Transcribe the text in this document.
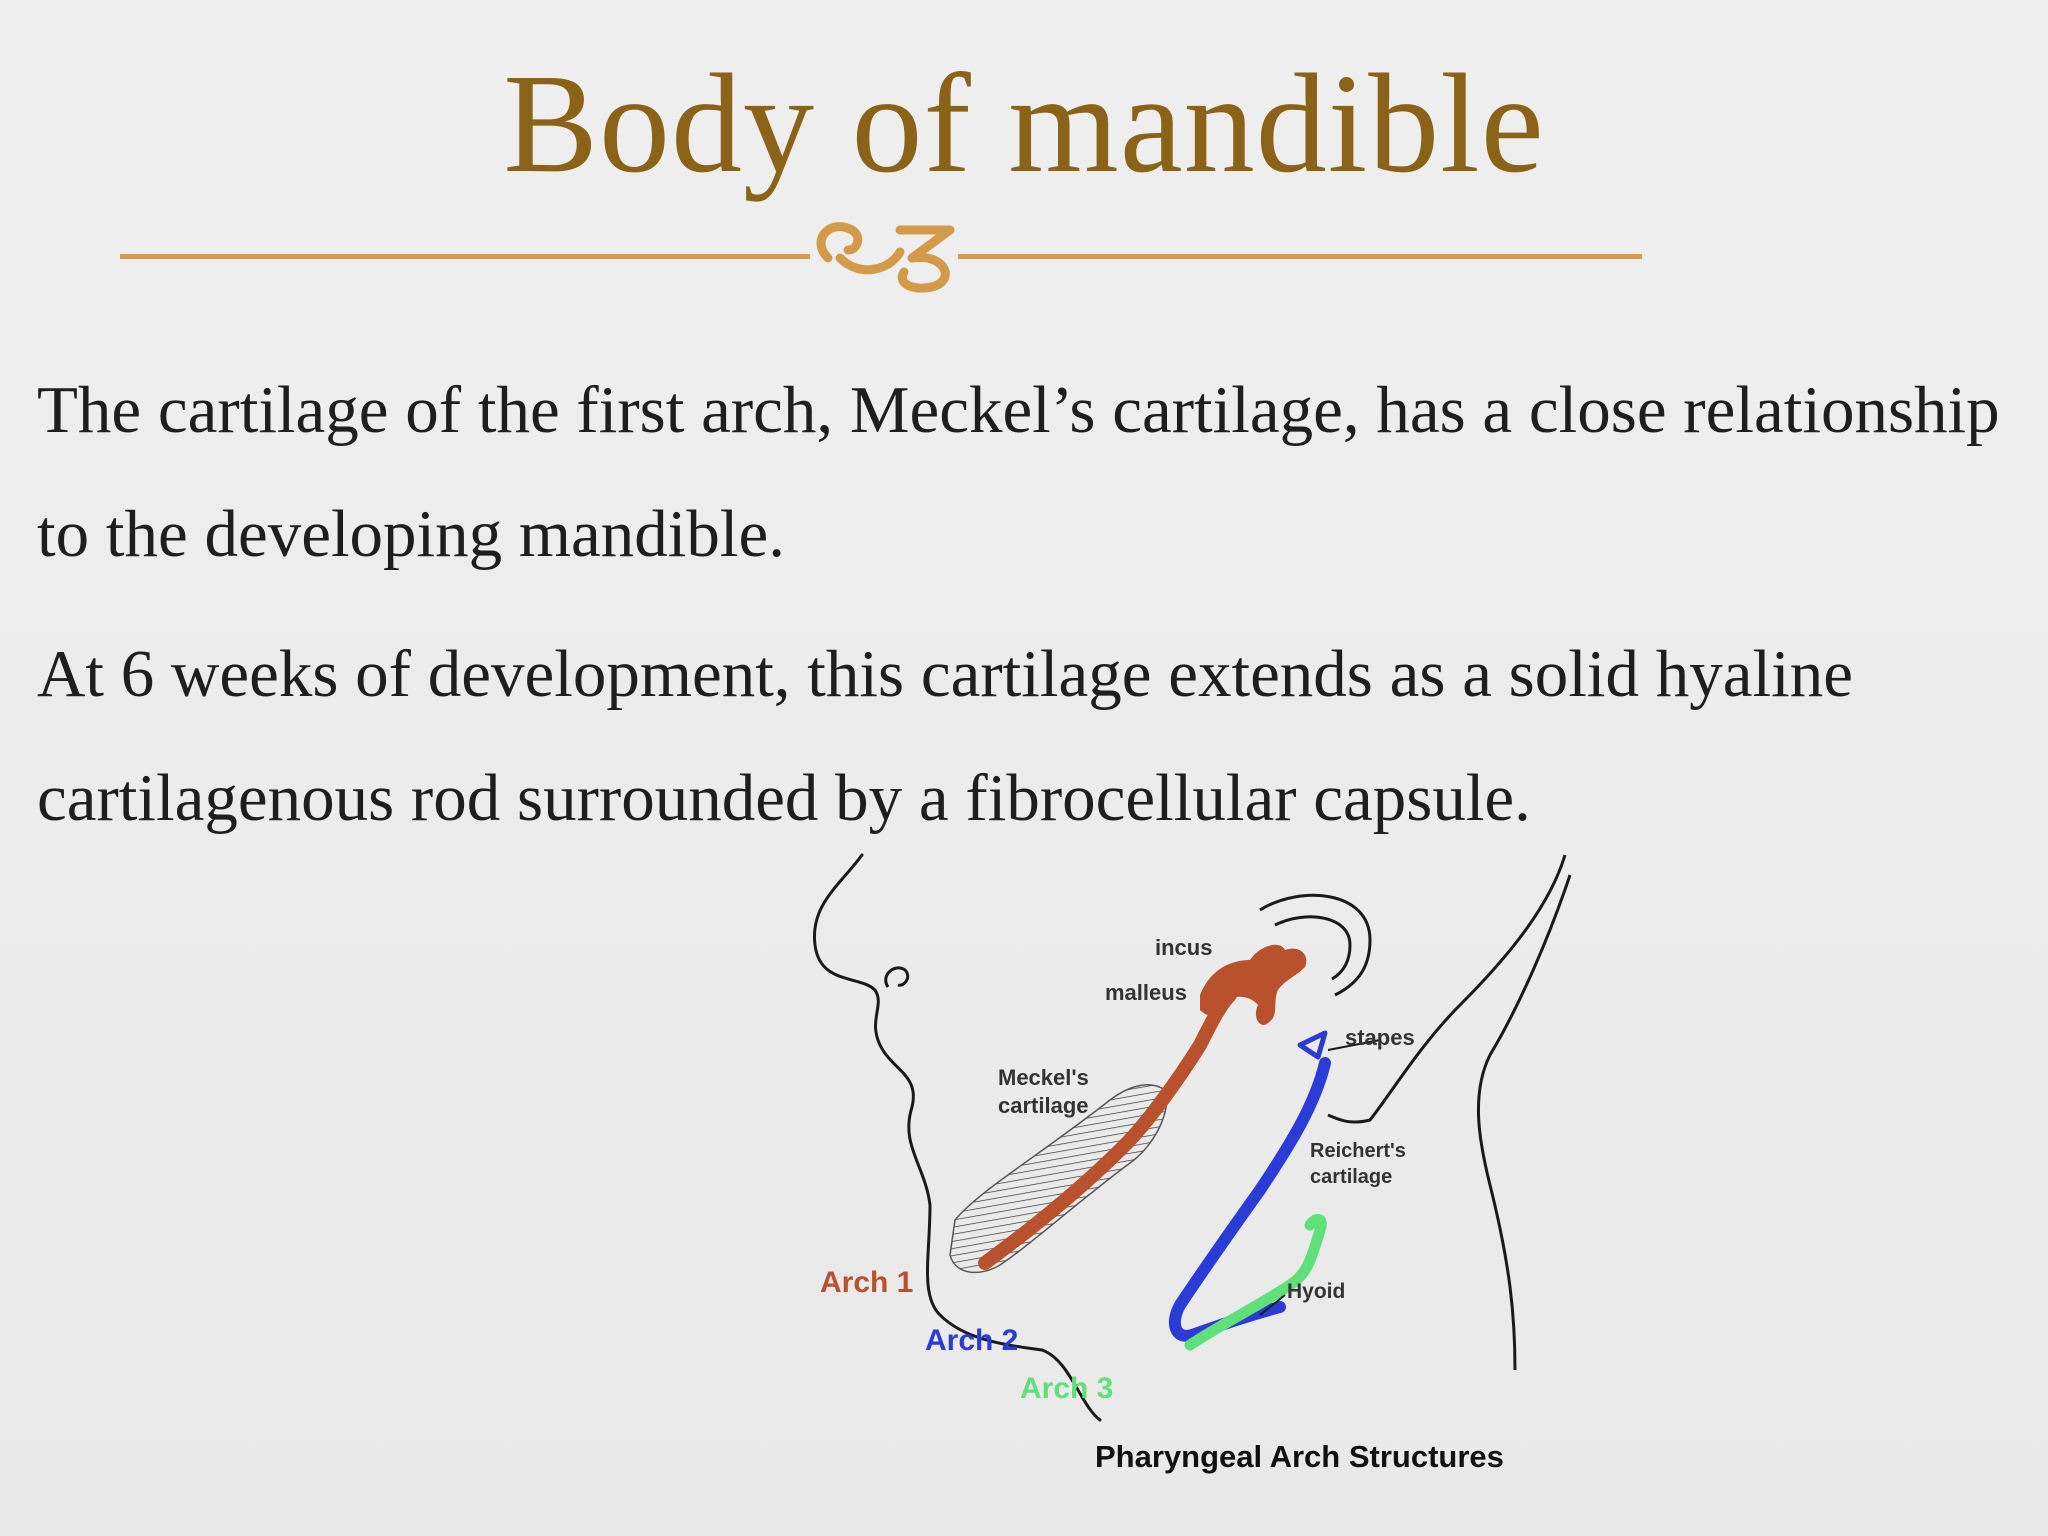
Body of mandible
The cartilage of the first arch, Meckel’s cartilage, has a close relationship to the developing mandible.
At 6 weeks of development, this cartilage extends as a solid hyaline cartilagenous rod surrounded by a fibrocellular capsule.
incus
malleus
stapes
Meckel's
cartilage
Reichert's
cartilage
Hyoid
Arch 1
Arch 2
Arch 3
Pharyngeal Arch Structures
